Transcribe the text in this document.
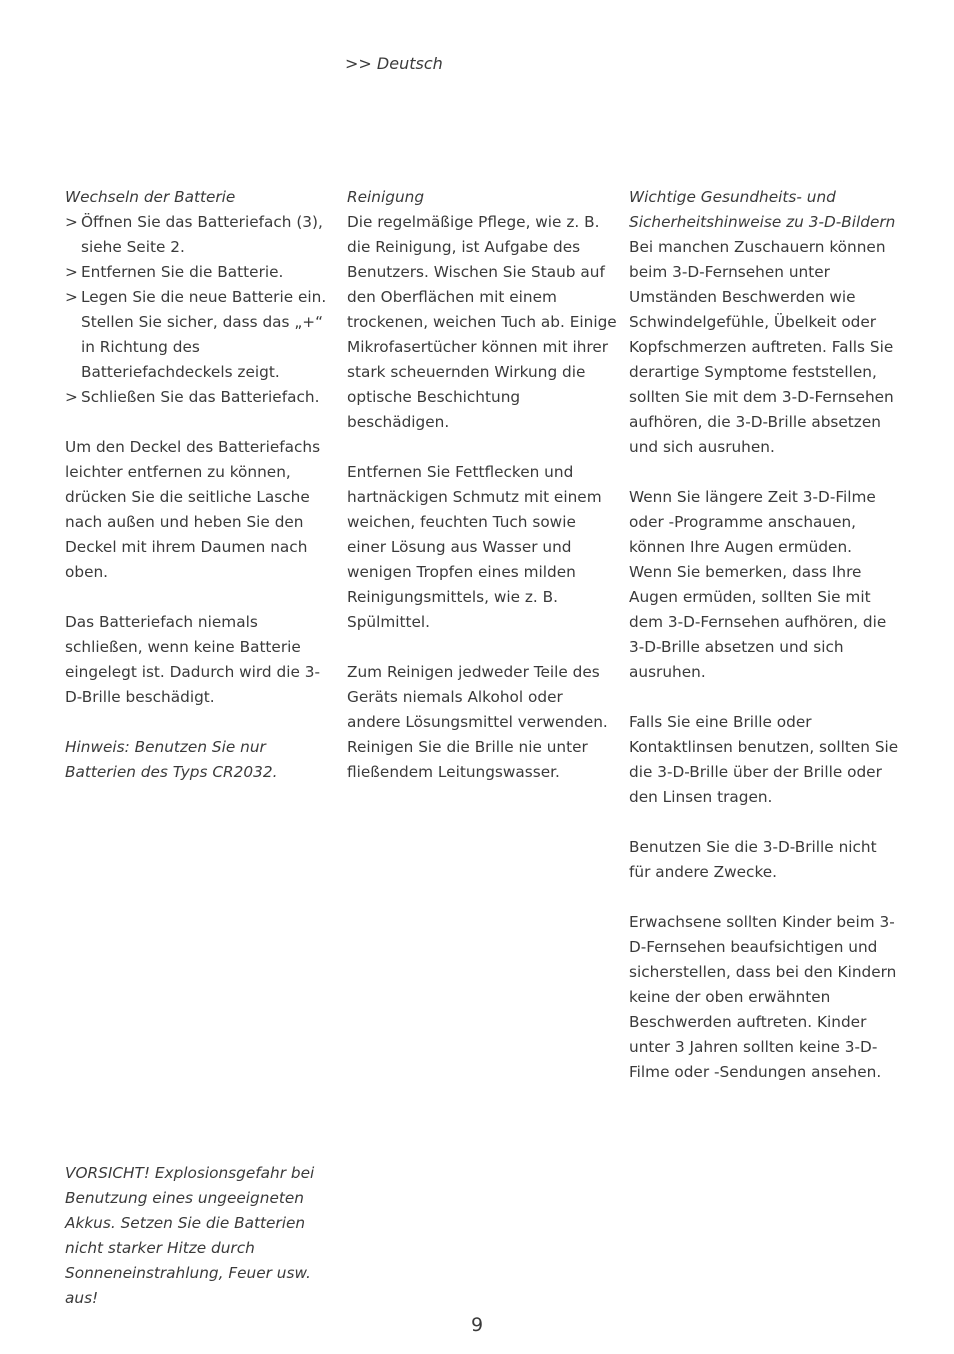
>> Deutsch
Wechseln der Batterie
> Öffnen Sie das Batteriefach (3), siehe Seite 2.
> Entfernen Sie die Batterie.
> Legen Sie die neue Batterie ein. Stellen Sie sicher, dass das „+“ in Richtung des Batteriefachdeckels zeigt.
> Schließen Sie das Batteriefach.

Um den Deckel des Batteriefachs leichter entfernen zu können, drücken Sie die seitliche Lasche nach außen und heben Sie den Deckel mit ihrem Daumen nach oben.

Das Batteriefach niemals schließen, wenn keine Batterie eingelegt ist. Dadurch wird die 3-D-Brille beschädigt.

Hinweis: Benutzen Sie nur Batterien des Typs CR2032.

Reinigung

Die regelmäßige Pflege, wie z. B. die Reinigung, ist Aufgabe des Benutzers. Wischen Sie Staub auf den Oberflächen mit einem trockenen, weichen Tuch ab. Einige Mikrofasertücher können mit ihrer stark scheuernden Wirkung die optische Beschichtung beschädigen.

Entfernen Sie Fettflecken und hartnäckigen Schmutz mit einem weichen, feuchten Tuch sowie einer Lösung aus Wasser und wenigen Tropfen eines milden Reinigungsmittels, wie z. B. Spülmittel.

Zum Reinigen jedweder Teile des Geräts niemals Alkohol oder andere Lösungsmittel verwenden. Reinigen Sie die Brille nie unter fließendem Leitungswasser.

Wichtige Gesundheits- und Sicherheitshinweise zu 3-D-Bildern

Bei manchen Zuschauern können beim 3-D-Fernsehen unter Umständen Beschwerden wie Schwindelgefühle, Übelkeit oder Kopfschmerzen auftreten. Falls Sie derartige Symptome feststellen, sollten Sie mit dem 3-D-Fernsehen aufhören, die 3-D-Brille absetzen und sich ausruhen.

Wenn Sie längere Zeit 3-D-Filme oder -Programme anschauen, können Ihre Augen ermüden. Wenn Sie bemerken, dass Ihre Augen ermüden, sollten Sie mit dem 3-D-Fernsehen aufhören, die 3-D-Brille absetzen und sich ausruhen.

Falls Sie eine Brille oder Kontaktlinsen benutzen, sollten Sie die 3-D-Brille über der Brille oder den Linsen tragen.

Benutzen Sie die 3-D-Brille nicht für andere Zwecke.

Erwachsene sollten Kinder beim 3-D-Fernsehen beaufsichtigen und sicherstellen, dass bei den Kindern keine der oben erwähnten Beschwerden auftreten. Kinder unter 3 Jahren sollten keine 3-D-Filme oder -Sendungen ansehen.

VORSICHT! Explosionsgefahr bei Benutzung eines ungeeigneten Akkus. Setzen Sie die Batterien nicht starker Hitze durch Sonneneinstrahlung, Feuer usw. aus!
9
